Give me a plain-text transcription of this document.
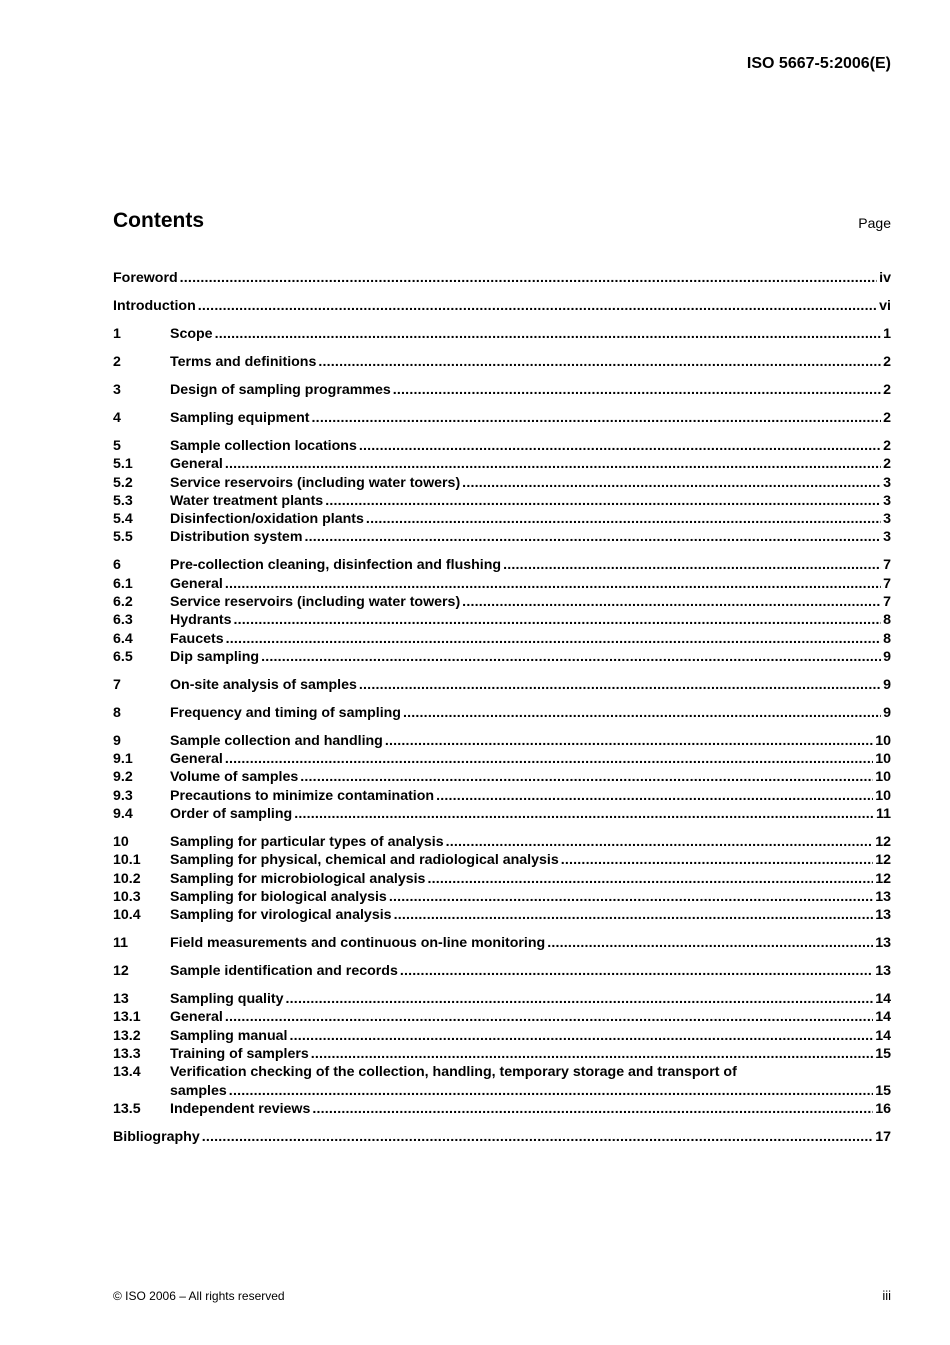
ISO 5667-5:2006(E)
Contents	Page
Foreword .....	iv
Introduction .....	vi
1	Scope .....	1
2	Terms and definitions .....	2
3	Design of sampling programmes .....	2
4	Sampling equipment .....	2
5	Sample collection locations .....	2
5.1	General .....	2
5.2	Service reservoirs (including water towers) .....	3
5.3	Water treatment plants .....	3
5.4	Disinfection/oxidation plants .....	3
5.5	Distribution system .....	3
6	Pre-collection cleaning, disinfection and flushing .....	7
6.1	General .....	7
6.2	Service reservoirs (including water towers) .....	7
6.3	Hydrants .....	8
6.4	Faucets .....	8
6.5	Dip sampling .....	9
7	On-site analysis of samples .....	9
8	Frequency and timing of sampling .....	9
9	Sample collection and handling .....	10
9.1	General .....	10
9.2	Volume of samples .....	10
9.3	Precautions to minimize contamination .....	10
9.4	Order of sampling .....	11
10	Sampling for particular types of analysis .....	12
10.1	Sampling for physical, chemical and radiological analysis .....	12
10.2	Sampling for microbiological analysis .....	12
10.3	Sampling for biological analysis .....	13
10.4	Sampling for virological analysis .....	13
11	Field measurements and continuous on-line monitoring .....	13
12	Sample identification and records .....	13
13	Sampling quality .....	14
13.1	General .....	14
13.2	Sampling manual .....	14
13.3	Training of samplers .....	15
13.4	Verification checking of the collection, handling, temporary storage and transport of
samples .....	15
13.5	Independent reviews .....	16
Bibliography .....	17
© ISO 2006 – All rights reserved	iii
